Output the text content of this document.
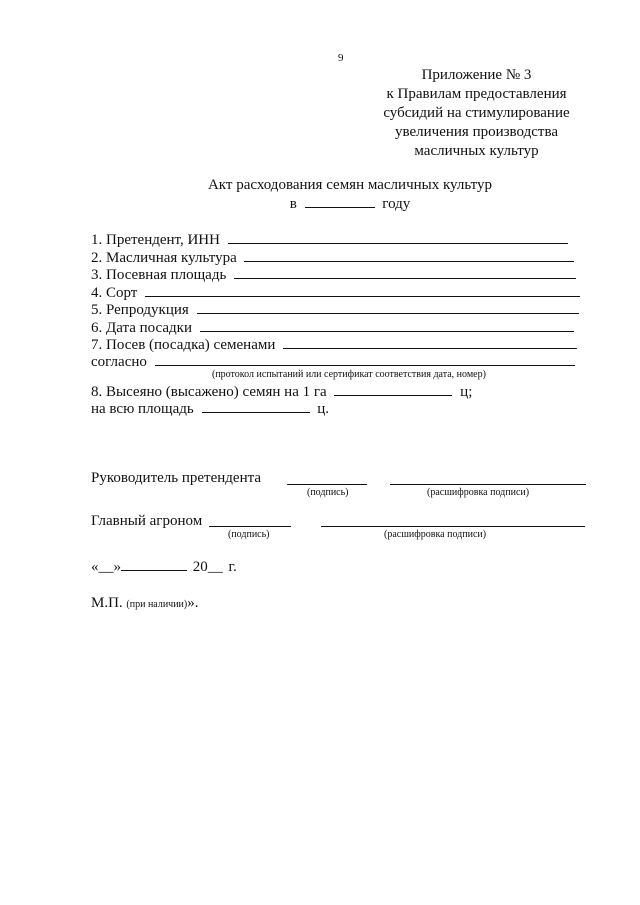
9
Приложение № 3
к Правилам предоставления
субсидий на стимулирование
увеличения производства
масличных культур
Акт расходования семян масличных культур
в	году
1. Претендент, ИНН
2. Масличная культура
3. Посевная площадь
4. Сорт
5. Репродукция
6. Дата посадки
7. Посев (посадка) семенами
согласно
(протокол испытаний или сертификат соответствия дата, номер)
8. Высеяно (высажено) семян на 1 га	ц;
на всю площадь	ц.
Руководитель претендента
(подпись)	(расшифровка подписи)
Главный агроном
(подпись)	(расшифровка подписи)
«__»	20__ г.
М.П. (при наличии)».
